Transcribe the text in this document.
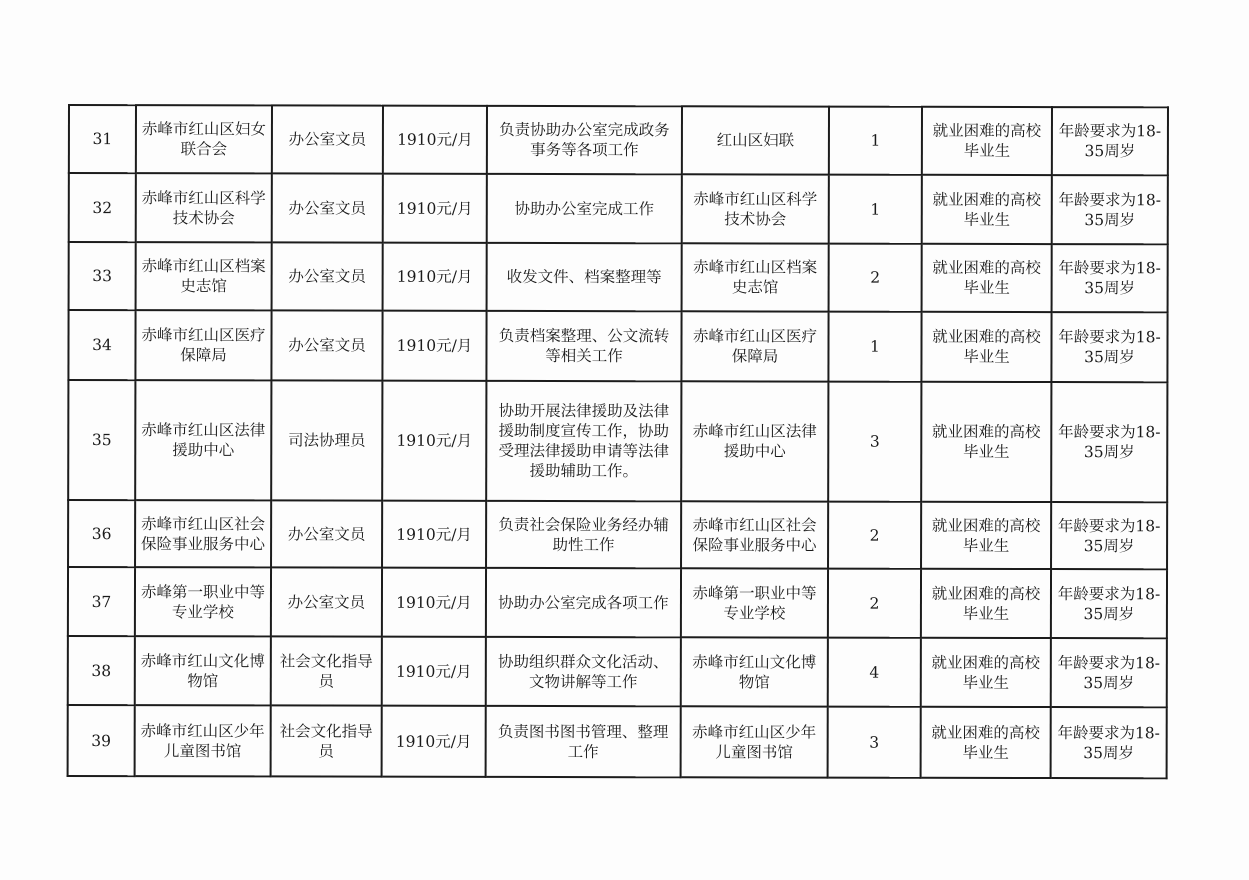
31	赤峰市红山区妇女联合会	办公室文员	1910元/月	负责协助办公室完成政务事务等各项工作	红山区妇联	1	就业困难的高校毕业生	年龄要求为18-35周岁

32	赤峰市红山区科学技术协会	办公室文员	1910元/月	协助办公室完成工作	赤峰市红山区科学技术协会	1	就业困难的高校毕业生	年龄要求为18-35周岁

33	赤峰市红山区档案史志馆	办公室文员	1910元/月	收发文件、档案整理等	赤峰市红山区档案史志馆	2	就业困难的高校毕业生	年龄要求为18-35周岁

34	赤峰市红山区医疗保障局	办公室文员	1910元/月	负责档案整理、公文流转等相关工作	赤峰市红山区医疗保障局	1	就业困难的高校毕业生	年龄要求为18-35周岁

35	赤峰市红山区法律援助中心	司法协理员	1910元/月	协助开展法律援助及法律援助制度宣传工作，协助受理法律援助申请等法律援助辅助工作。	赤峰市红山区法律援助中心	3	就业困难的高校毕业生	年龄要求为18-35周岁

36	赤峰市红山区社会保险事业服务中心	办公室文员	1910元/月	负责社会保险业务经办辅助性工作	赤峰市红山区社会保险事业服务中心	2	就业困难的高校毕业生	年龄要求为18-35周岁

37	赤峰第一职业中等专业学校	办公室文员	1910元/月	协助办公室完成各项工作	赤峰第一职业中等专业学校	2	就业困难的高校毕业生	年龄要求为18-35周岁

38	赤峰市红山文化博物馆	社会文化指导员	1910元/月	协助组织群众文化活动、文物讲解等工作	赤峰市红山文化博物馆	4	就业困难的高校毕业生	年龄要求为18-35周岁

39	赤峰市红山区少年儿童图书馆	社会文化指导员	1910元/月	负责图书图书管理、整理工作	赤峰市红山区少年儿童图书馆	3	就业困难的高校毕业生	年龄要求为18-35周岁
